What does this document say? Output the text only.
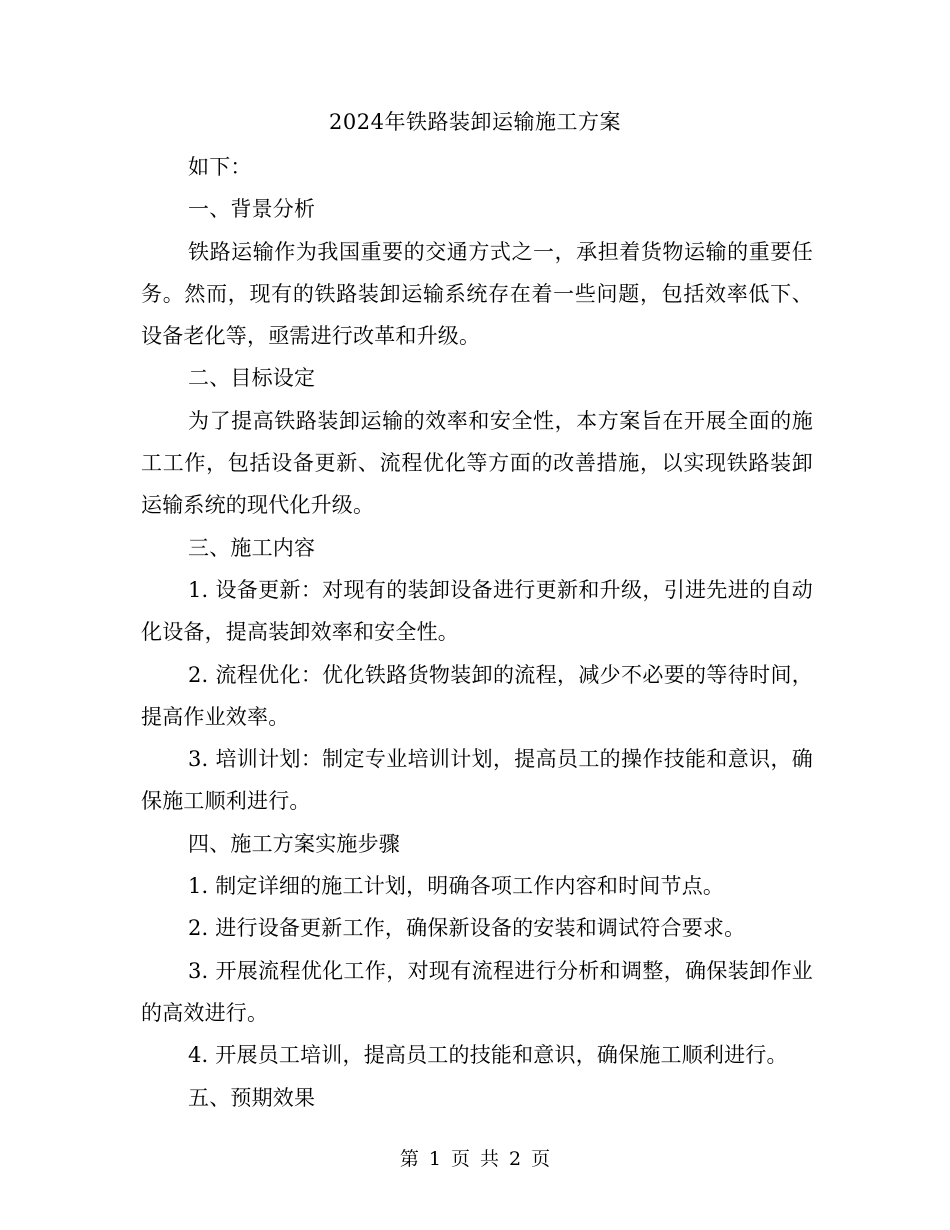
2024年铁路装卸运输施工方案

如下：

一、背景分析

铁路运输作为我国重要的交通方式之一，承担着货物运输的重要任务。然而，现有的铁路装卸运输系统存在着一些问题，包括效率低下、设备老化等，亟需进行改革和升级。

二、目标设定

为了提高铁路装卸运输的效率和安全性，本方案旨在开展全面的施工工作，包括设备更新、流程优化等方面的改善措施，以实现铁路装卸运输系统的现代化升级。

三、施工内容

1. 设备更新：对现有的装卸设备进行更新和升级，引进先进的自动化设备，提高装卸效率和安全性。

2. 流程优化：优化铁路货物装卸的流程，减少不必要的等待时间，提高作业效率。

3. 培训计划：制定专业培训计划，提高员工的操作技能和意识，确保施工顺利进行。

四、施工方案实施步骤

1. 制定详细的施工计划，明确各项工作内容和时间节点。

2. 进行设备更新工作，确保新设备的安装和调试符合要求。

3. 开展流程优化工作，对现有流程进行分析和调整，确保装卸作业的高效进行。

4. 开展员工培训，提高员工的技能和意识，确保施工顺利进行。

五、预期效果

第 1 页 共 2 页
